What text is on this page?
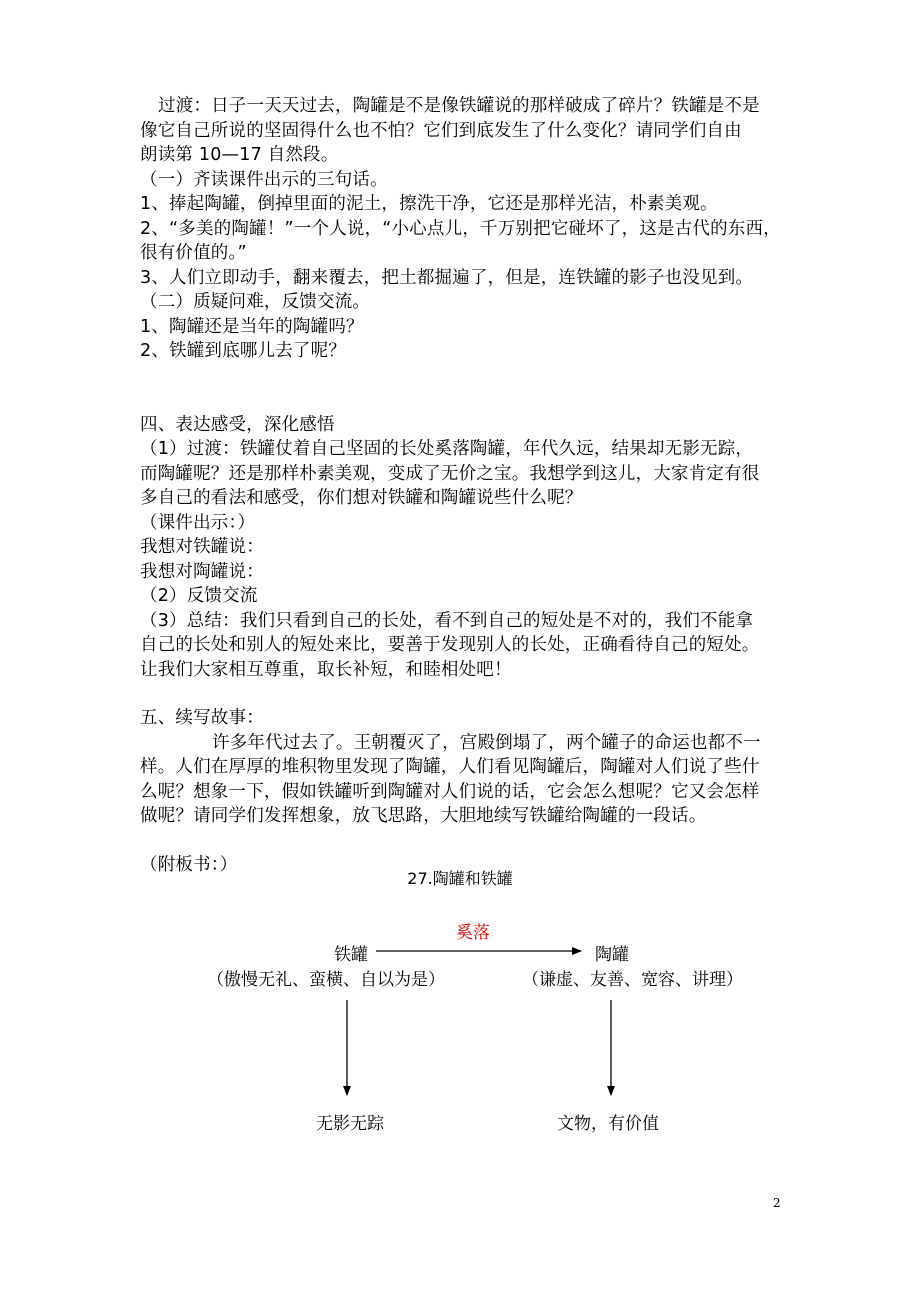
过渡：日子一天天过去，陶罐是不是像铁罐说的那样破成了碎片？铁罐是不是

像它自己所说的坚固得什么也不怕？它们到底发生了什么变化？请同学们自由

朗读第 10—17 自然段。

（一）齐读课件出示的三句话。

1、捧起陶罐，倒掉里面的泥土，擦洗干净，它还是那样光洁，朴素美观。

2、“多美的陶罐！”一个人说，“小心点儿，千万别把它碰坏了，这是古代的东西，

很有价值的。”

3、人们立即动手，翻来覆去，把土都掘遍了，但是，连铁罐的影子也没见到。

（二）质疑问难，反馈交流。

1、陶罐还是当年的陶罐吗？

2、铁罐到底哪儿去了呢？

四、表达感受，深化感悟

（1）过渡：铁罐仗着自己坚固的长处奚落陶罐，年代久远，结果却无影无踪，

而陶罐呢？还是那样朴素美观，变成了无价之宝。我想学到这儿，大家肯定有很

多自己的看法和感受，你们想对铁罐和陶罐说些什么呢？

（课件出示：）

我想对铁罐说：

我想对陶罐说：

（2）反馈交流

（3）总结：我们只看到自己的长处，看不到自己的短处是不对的，我们不能拿

自己的长处和别人的短处来比，要善于发现别人的长处，正确看待自己的短处。

让我们大家相互尊重，取长补短，和睦相处吧！

五、续写故事：

许多年代过去了。王朝覆灭了，宫殿倒塌了，两个罐子的命运也都不一

样。人们在厚厚的堆积物里发现了陶罐，人们看见陶罐后，陶罐对人们说了些什

么呢？想象一下，假如铁罐听到陶罐对人们说的话，它会怎么想呢？它又会怎样

做呢？请同学们发挥想象，放飞思路，大胆地续写铁罐给陶罐的一段话。

（附板书：）

27.陶罐和铁罐
奚落
铁罐	陶罐
（傲慢无礼、蛮横、自以为是）	（谦虚、友善、宽容、讲理）
无影无踪	文物，有价值
2
